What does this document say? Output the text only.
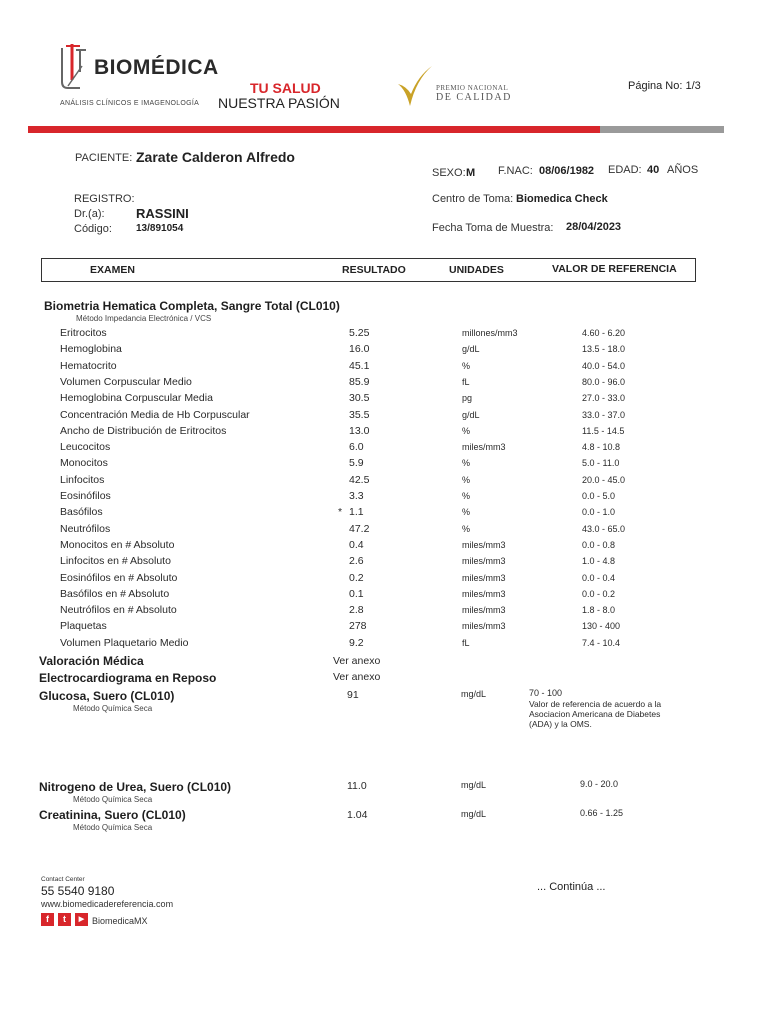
BIOMÉDICA
ANÁLISIS CLÍNICOS E IMAGENOLOGÍA
TU SALUD
NUESTRA PASIÓN
PREMIO NACIONAL
DE CALIDAD
Página No: 1/3
PACIENTE: Zarate Calderon Alfredo
SEXO: M F.NAC: 08/06/1982 EDAD: 40 AÑOS
REGISTRO:
Dr.(a): RASSINI
Código: 13/891054
Centro de Toma: Biomedica Check
Fecha Toma de Muestra: 28/04/2023
EXAMEN	RESULTADO	UNIDADES	VALOR DE REFERENCIA
Biometria Hematica Completa, Sangre Total (CL010)
Método Impedancia Electrónica / VCS
Eritrocitos	5.25	millones/mm3	4.60 - 6.20
Hemoglobina	16.0	g/dL	13.5 - 18.0
Hematocrito	45.1	%	40.0 - 54.0
Volumen Corpuscular Medio	85.9	fL	80.0 - 96.0
Hemoglobina Corpuscular Media	30.5	pg	27.0 - 33.0
Concentración Media de Hb Corpuscular	35.5	g/dL	33.0 - 37.0
Ancho de Distribución de Eritrocitos	13.0	%	11.5 - 14.5
Leucocitos	6.0	miles/mm3	4.8 - 10.8
Monocitos	5.9	%	5.0 - 11.0
Linfocitos	42.5	%	20.0 - 45.0
Eosinófilos	3.3	%	0.0 - 5.0
Basófilos	* 1.1	%	0.0 - 1.0
Neutrófilos	47.2	%	43.0 - 65.0
Monocitos en # Absoluto	0.4	miles/mm3	0.0 - 0.8
Linfocitos en # Absoluto	2.6	miles/mm3	1.0 - 4.8
Eosinófilos en # Absoluto	0.2	miles/mm3	0.0 - 0.4
Basófilos en # Absoluto	0.1	miles/mm3	0.0 - 0.2
Neutrófilos en # Absoluto	2.8	miles/mm3	1.8 - 8.0
Plaquetas	278	miles/mm3	130 - 400
Volumen Plaquetario Medio	9.2	fL	7.4 - 10.4
Valoración Médica	Ver anexo
Electrocardiograma en Reposo	Ver anexo
Glucosa, Suero (CL010)
Método Química Seca
91	mg/dL	70 - 100
Valor de referencia de acuerdo a la Asociacion Americana de Diabetes (ADA) y la OMS.
Nitrogeno de Urea, Suero (CL010)
Método Química Seca
11.0	mg/dL	9.0 - 20.0
Creatinina, Suero (CL010)
Método Química Seca
1.04	mg/dL	0.66 - 1.25
Contact Center
55 5540 9180
www.biomedicadereferencia.com
f	t	▶ BiomedicaMX
... Continúa ...
